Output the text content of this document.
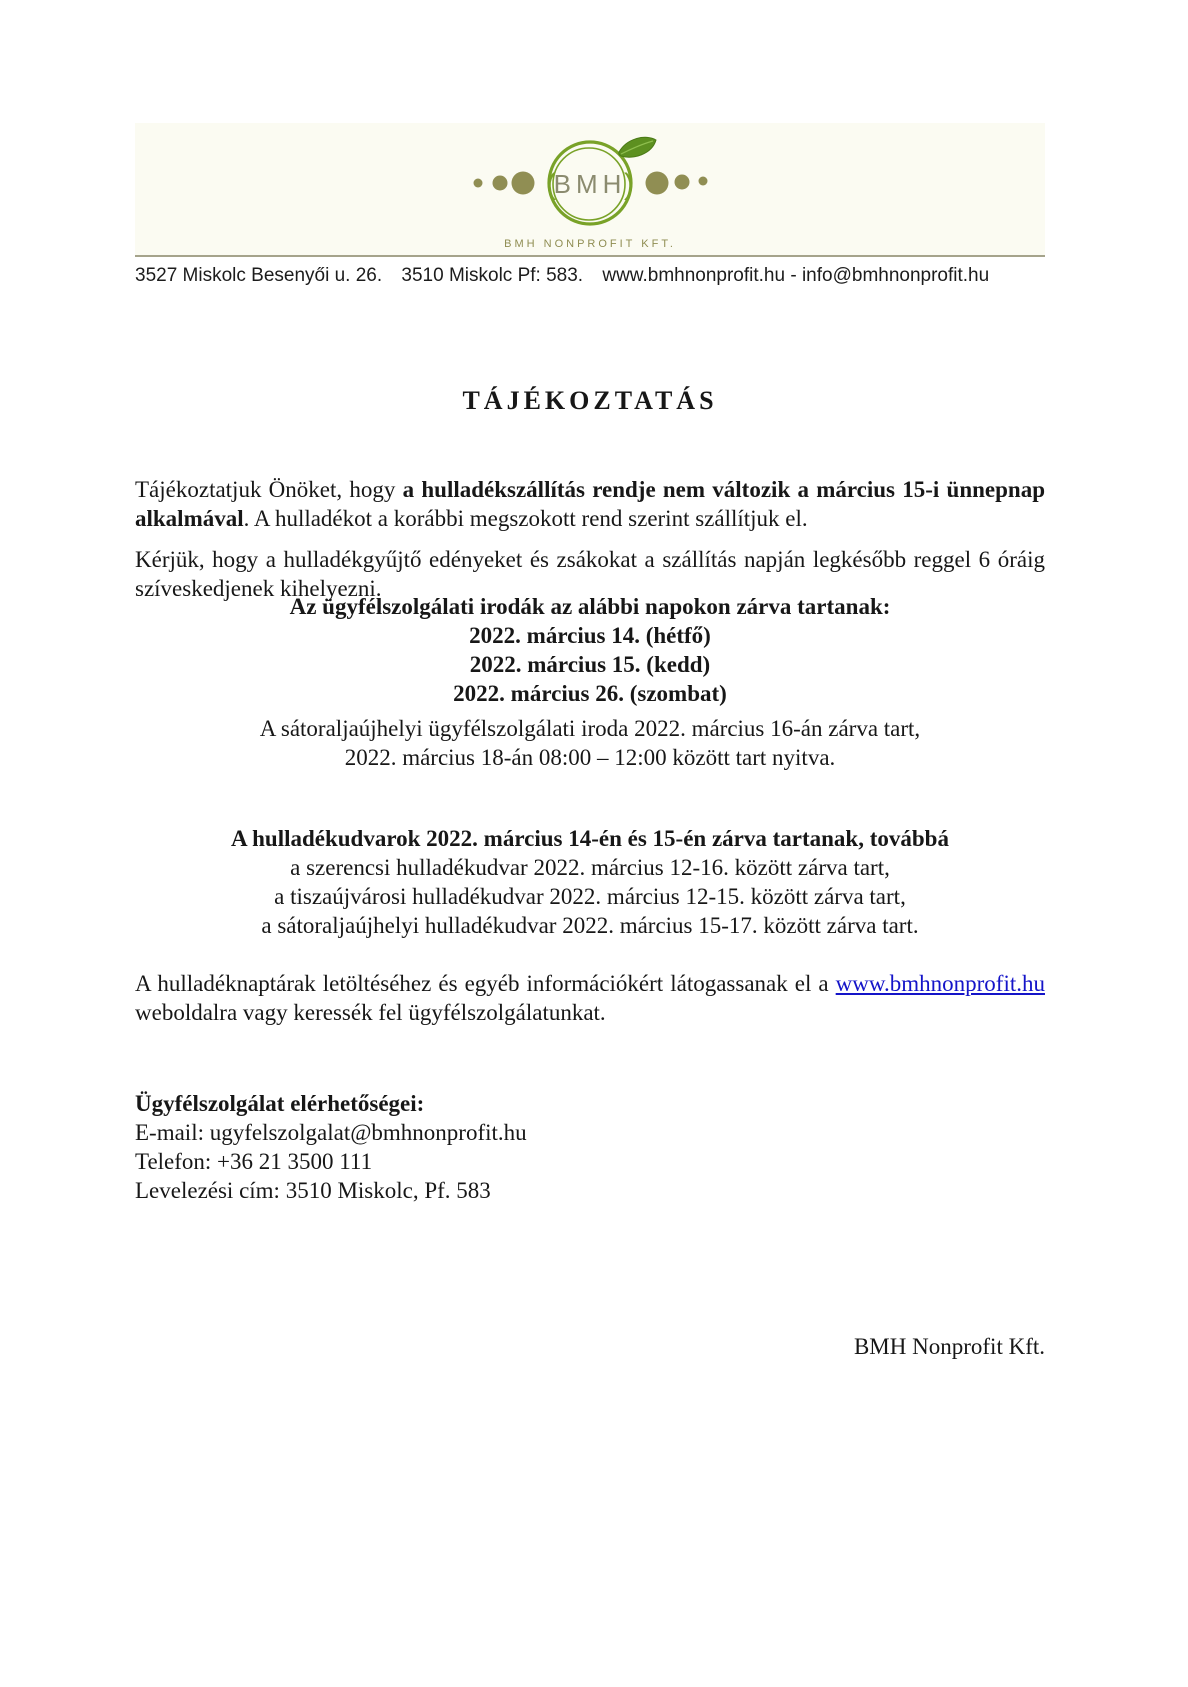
(
BMH
)
BMH NONPROFIT KFT.
3527 Miskolc Besenyői u. 26. 3510 Miskolc Pf: 583. www.bmhnonprofit.hu - info@bmhnonprofit.hu
TÁJÉKOZTATÁS

Tájékoztatjuk Önöket, hogy a hulladékszállítás rendje nem változik a március 15-i ünnepnap alkalmával. A hulladékot a korábbi megszokott rend szerint szállítjuk el.

Kérjük, hogy a hulladékgyűjtő edényeket és zsákokat a szállítás napján legkésőbb reggel 6 óráig szíveskedjenek kihelyezni.

Az ügyfélszolgálati irodák az alábbi napokon zárva tartanak:
2022. március 14. (hétfő)
2022. március 15. (kedd)
2022. március 26. (szombat)
A sátoraljaújhelyi ügyfélszolgálati iroda 2022. március 16-án zárva tart,
2022. március 18-án 08:00 – 12:00 között tart nyitva.
A hulladékudvarok 2022. március 14-én és 15-én zárva tartanak, továbbá
a szerencsi hulladékudvar 2022. március 12-16. között zárva tart,
a tiszaújvárosi hulladékudvar 2022. március 12-15. között zárva tart,
a sátoraljaújhelyi hulladékudvar 2022. március 15-17. között zárva tart.

A hulladéknaptárak letöltéséhez és egyéb információkért látogassanak el a www.bmhnonprofit.hu weboldalra vagy keressék fel ügyfélszolgálatunkat.

Ügyfélszolgálat elérhetőségei:
E-mail: ugyfelszolgalat@bmhnonprofit.hu
Telefon: +36 21 3500 111
Levelezési cím: 3510 Miskolc, Pf. 583
BMH Nonprofit Kft.
